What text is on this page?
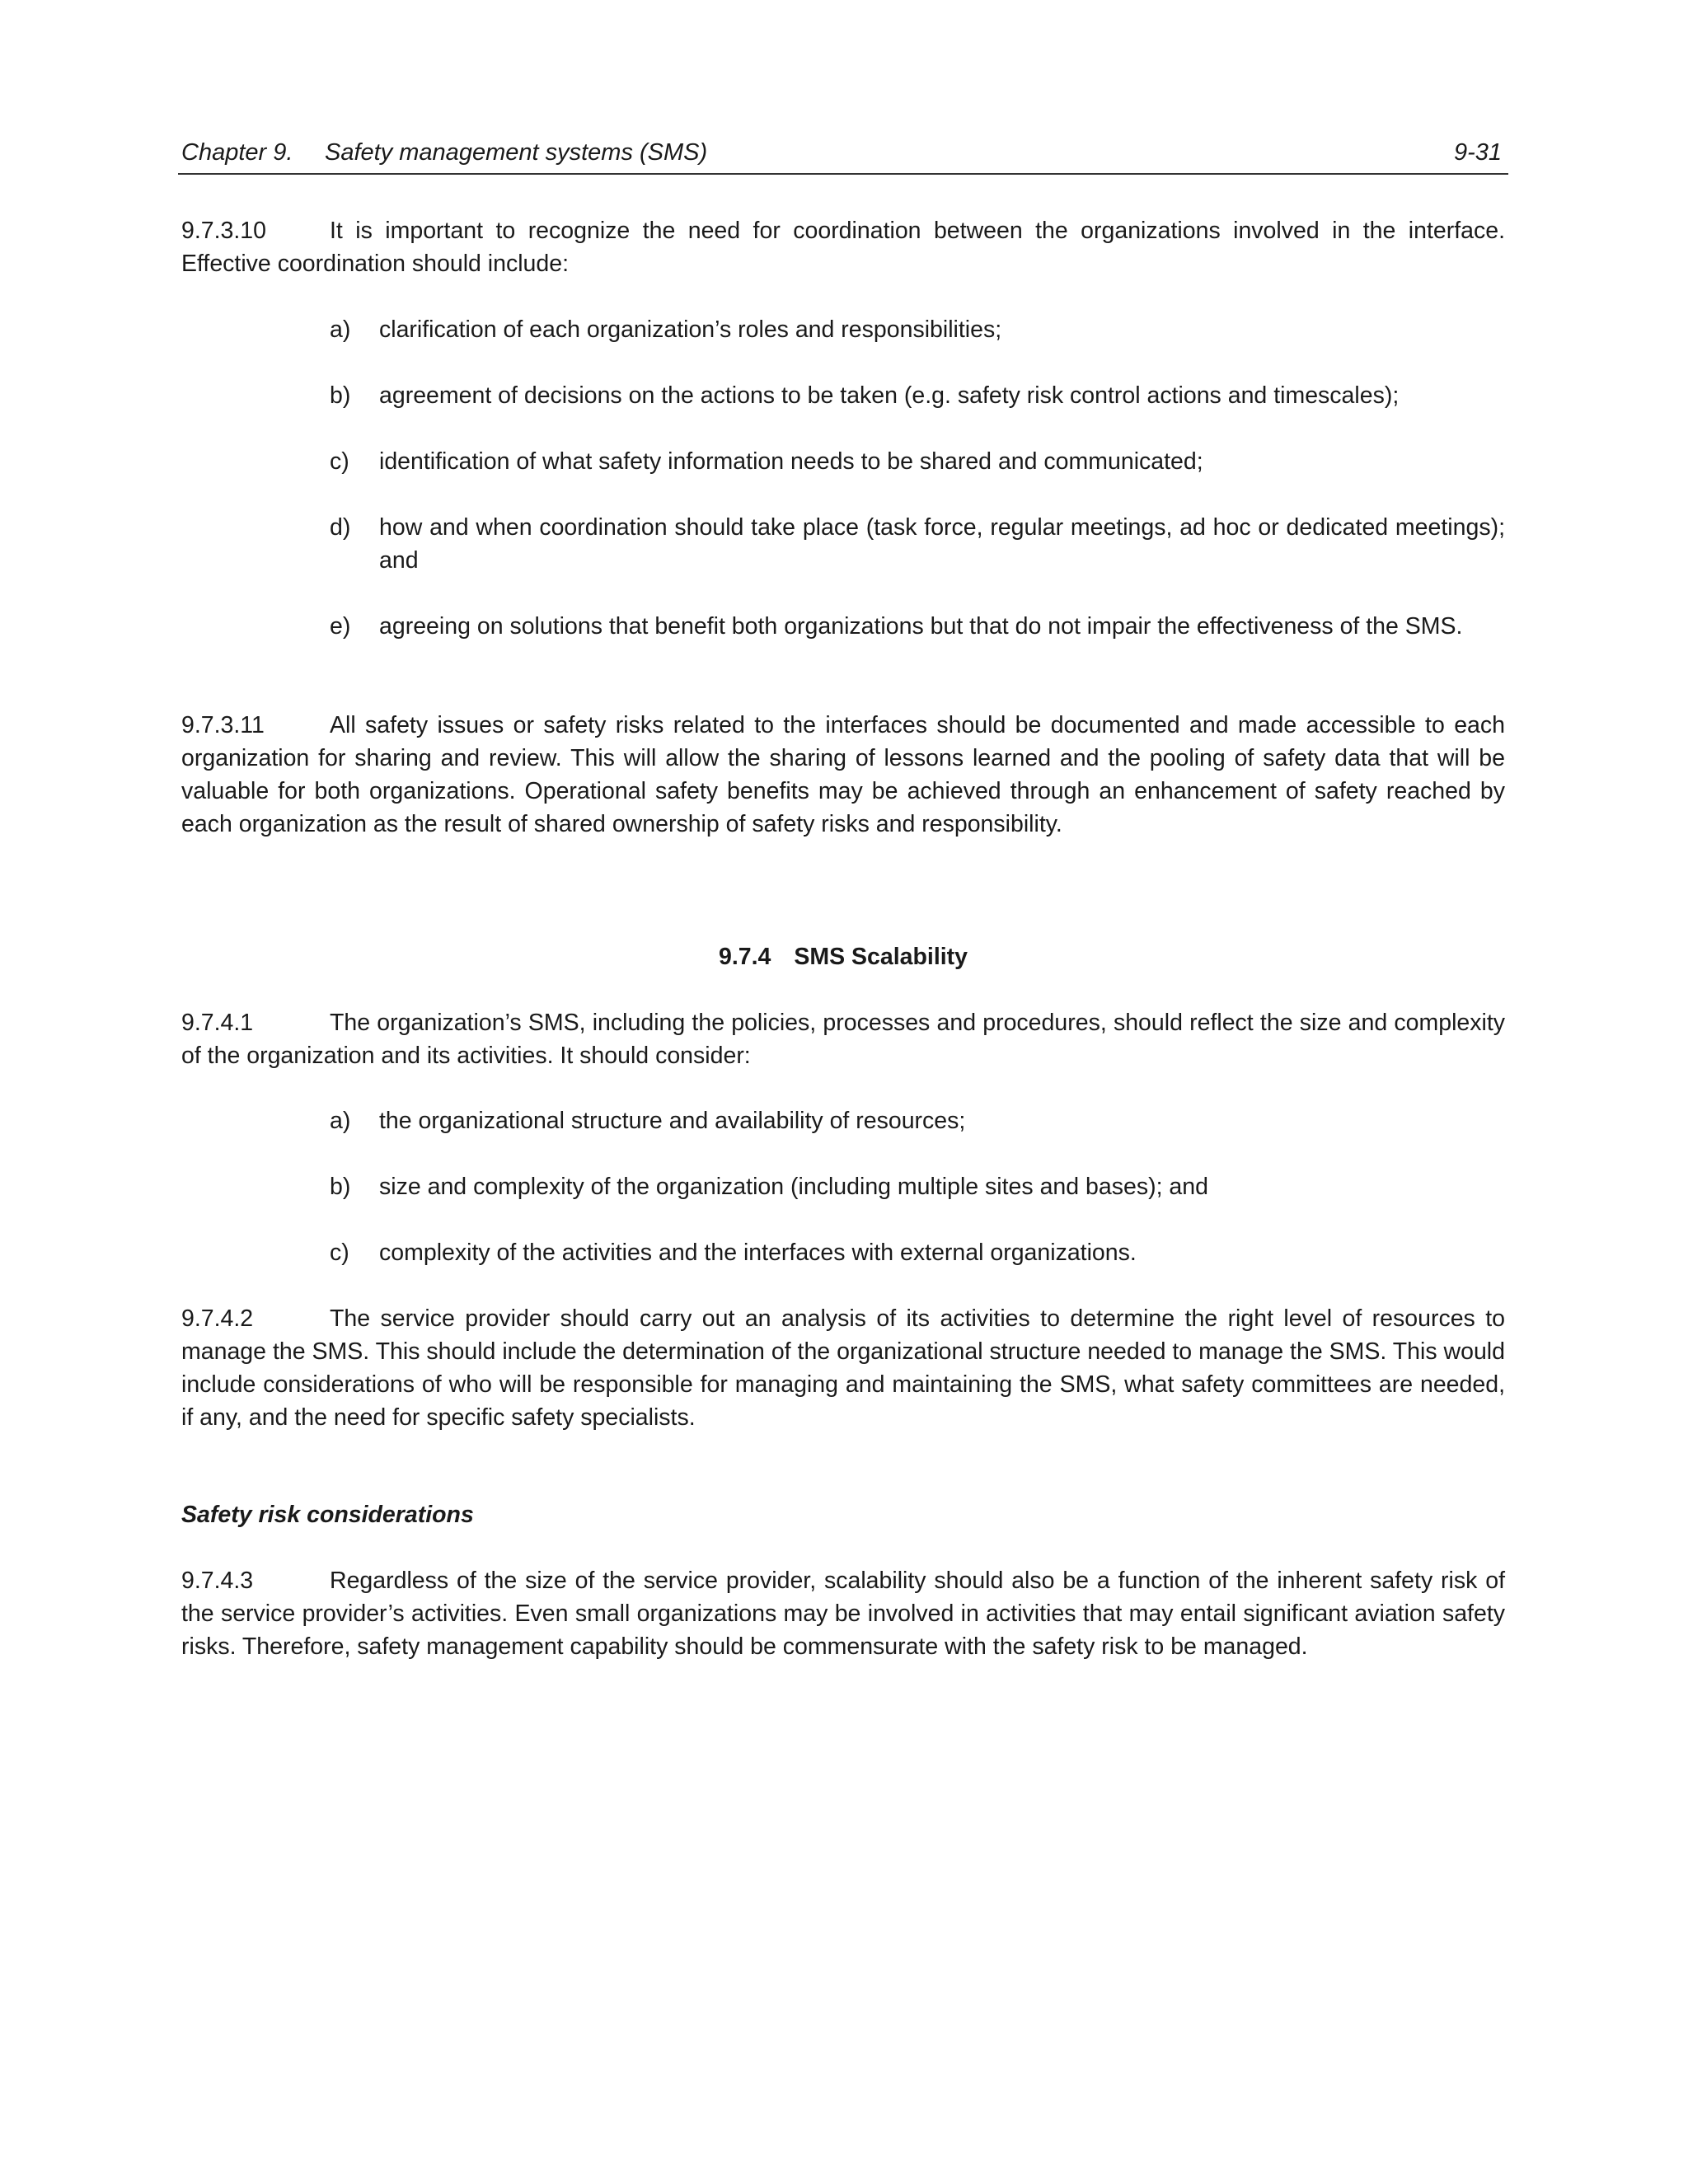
Chapter 9. Safety management systems (SMS)	9-31
9.7.3.10	It is important to recognize the need for coordination between the organizations involved in the interface. Effective coordination should include:
a)	clarification of each organization’s roles and responsibilities;
b)	agreement of decisions on the actions to be taken (e.g. safety risk control actions and timescales);
c)	identification of what safety information needs to be shared and communicated;
d)	how and when coordination should take place (task force, regular meetings, ad hoc or dedicated meetings); and
e)	agreeing on solutions that benefit both organizations but that do not impair the effectiveness of the SMS.
9.7.3.11	All safety issues or safety risks related to the interfaces should be documented and made accessible to each organization for sharing and review. This will allow the sharing of lessons learned and the pooling of safety data that will be valuable for both organizations. Operational safety benefits may be achieved through an enhancement of safety reached by each organization as the result of shared ownership of safety risks and responsibility.
9.7.4 SMS Scalability
9.7.4.1	The organization’s SMS, including the policies, processes and procedures, should reflect the size and complexity of the organization and its activities. It should consider:
a)	the organizational structure and availability of resources;
b)	size and complexity of the organization (including multiple sites and bases); and
c)	complexity of the activities and the interfaces with external organizations.
9.7.4.2	The service provider should carry out an analysis of its activities to determine the right level of resources to manage the SMS. This should include the determination of the organizational structure needed to manage the SMS. This would include considerations of who will be responsible for managing and maintaining the SMS, what safety committees are needed, if any, and the need for specific safety specialists.
Safety risk considerations
9.7.4.3	Regardless of the size of the service provider, scalability should also be a function of the inherent safety risk of the service provider’s activities. Even small organizations may be involved in activities that may entail significant aviation safety risks. Therefore, safety management capability should be commensurate with the safety risk to be managed.
